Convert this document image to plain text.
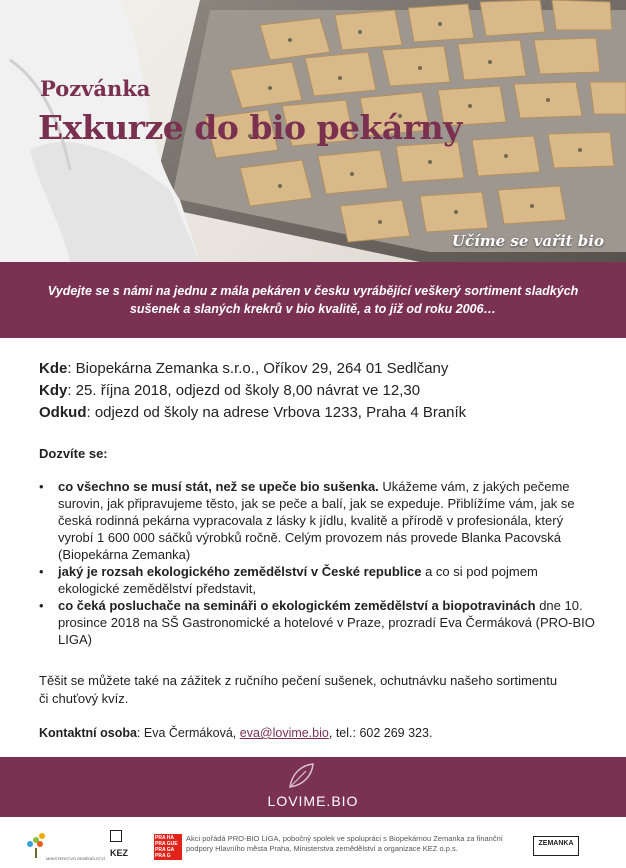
Pozvánka
Exkurze do bio pekárny
Učíme se vařit bio

Vydejte se s námi na jednu z mála pekáren v česku vyrábějící veškerý sortiment sladkých sušenek a slaných krekrů v bio kvalitě, a to již od roku 2006…

Kde: Biopekárna Zemanka s.r.o., Oříkov 29, 264 01 Sedlčany
Kdy: 25. října 2018, odjezd od školy 8,00 návrat ve 12,30
Odkud: odjezd od školy na adrese Vrbova 1233, Praha 4 Braník
Dozvíte se:
• co všechno se musí stát, než se upeče bio sušenka. Ukážeme vám, z jakých pečeme surovin, jak připravujeme těsto, jak se peče a balí, jak se expeduje. Přiblížíme vám, jak se česká rodinná pekárna vypracovala z lásky k jídlu, kvalitě a přírodě v profesionála, který vyrobí 1 600 000 sáčků výrobků ročně. Celým provozem nás provede Blanka Pacovská (Biopekárna Zemanka)
• jaký je rozsah ekologického zemědělství v České republice a co si pod pojmem ekologické zemědělství představit,
• co čeká posluchače na semináři o ekologickém zemědělství a biopotravinách dne 10. prosince 2018 na SŠ Gastronomické a hotelové v Praze, prozradí Eva Čermáková (PRO-BIO LIGA)
Těšit se můžete také na zážitek z ručního pečení sušenek, ochutnávku našeho sortimentu či chuťový kvíz.
Kontaktní osoba: Eva Čermáková, eva@lovime.bio, tel.: 602 269 323.
LOVIME.BIO
MINISTERSTVO ZEMĚDĚLSTVÍ
KEZ
PRA HA PRA GUE PRA GA PRA G
Akci pořádá PRO-BIO LIGA, pobočný spolek ve spolupráci s Biopekárnou Zemanka za finanční podpory Hlavního města Praha, Ministerstva zemědělství a organizace KEZ o.p.s.
ZEMANKA
